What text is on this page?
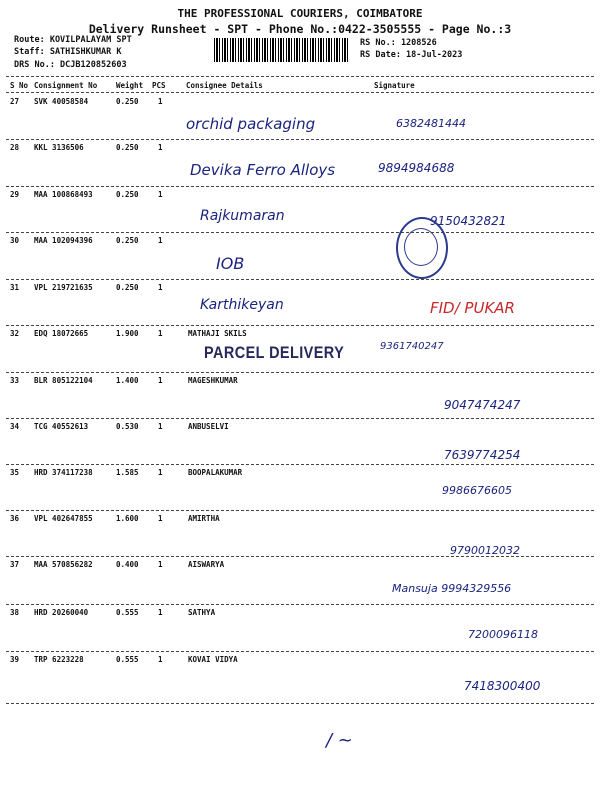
THE PROFESSIONAL COURIERS, COIMBATORE
Delivery Runsheet - SPT - Phone No.:0422-3505555 - Page No.:3
Route: KOVILPALAYAM SPT
Staff: SATHISHKUMAR K
DRS No.: DCJB120852603
RS No.: 1208526
RS Date: 18-Jul-2023
S No Consignment No	Weight PCS	Consignee Details	Signature
27 SVK 40058584	0.250	1
orchid packaging	6382481444
28 KKL 3136506	0.250	1
Devika Ferro Alloys	9894984688
29 MAA 100868493	0.250	1
Rajkumaran	9150432821
30 MAA 102094396	0.250	1
IOB
31 VPL 219721635	0.250	1
Karthikeyan	FID/ PUKAR
32 EDQ 18072665	1.900	1	MATHAJI SKILS
9361740247
33 BLR 805122104	1.400	1	MAGESHKUMAR
9047474247
34 TCG 40552613	0.530	1	ANBUSELVI
7639774254
35 HRD 374117238	1.585	1	BOOPALAKUMAR
9986676605
36 VPL 402647855	1.600	1	AMIRTHA
9790012032
37 MAA 570856282	0.400	1	AISWARYA
Mansuja 9994329556
38 HRD 20260040	0.555	1	SATHYA
7200096118
39 TRP 6223228	0.555	1	KOVAI VIDYA
7418300400
PARCEL DELIVERY
/ ~
